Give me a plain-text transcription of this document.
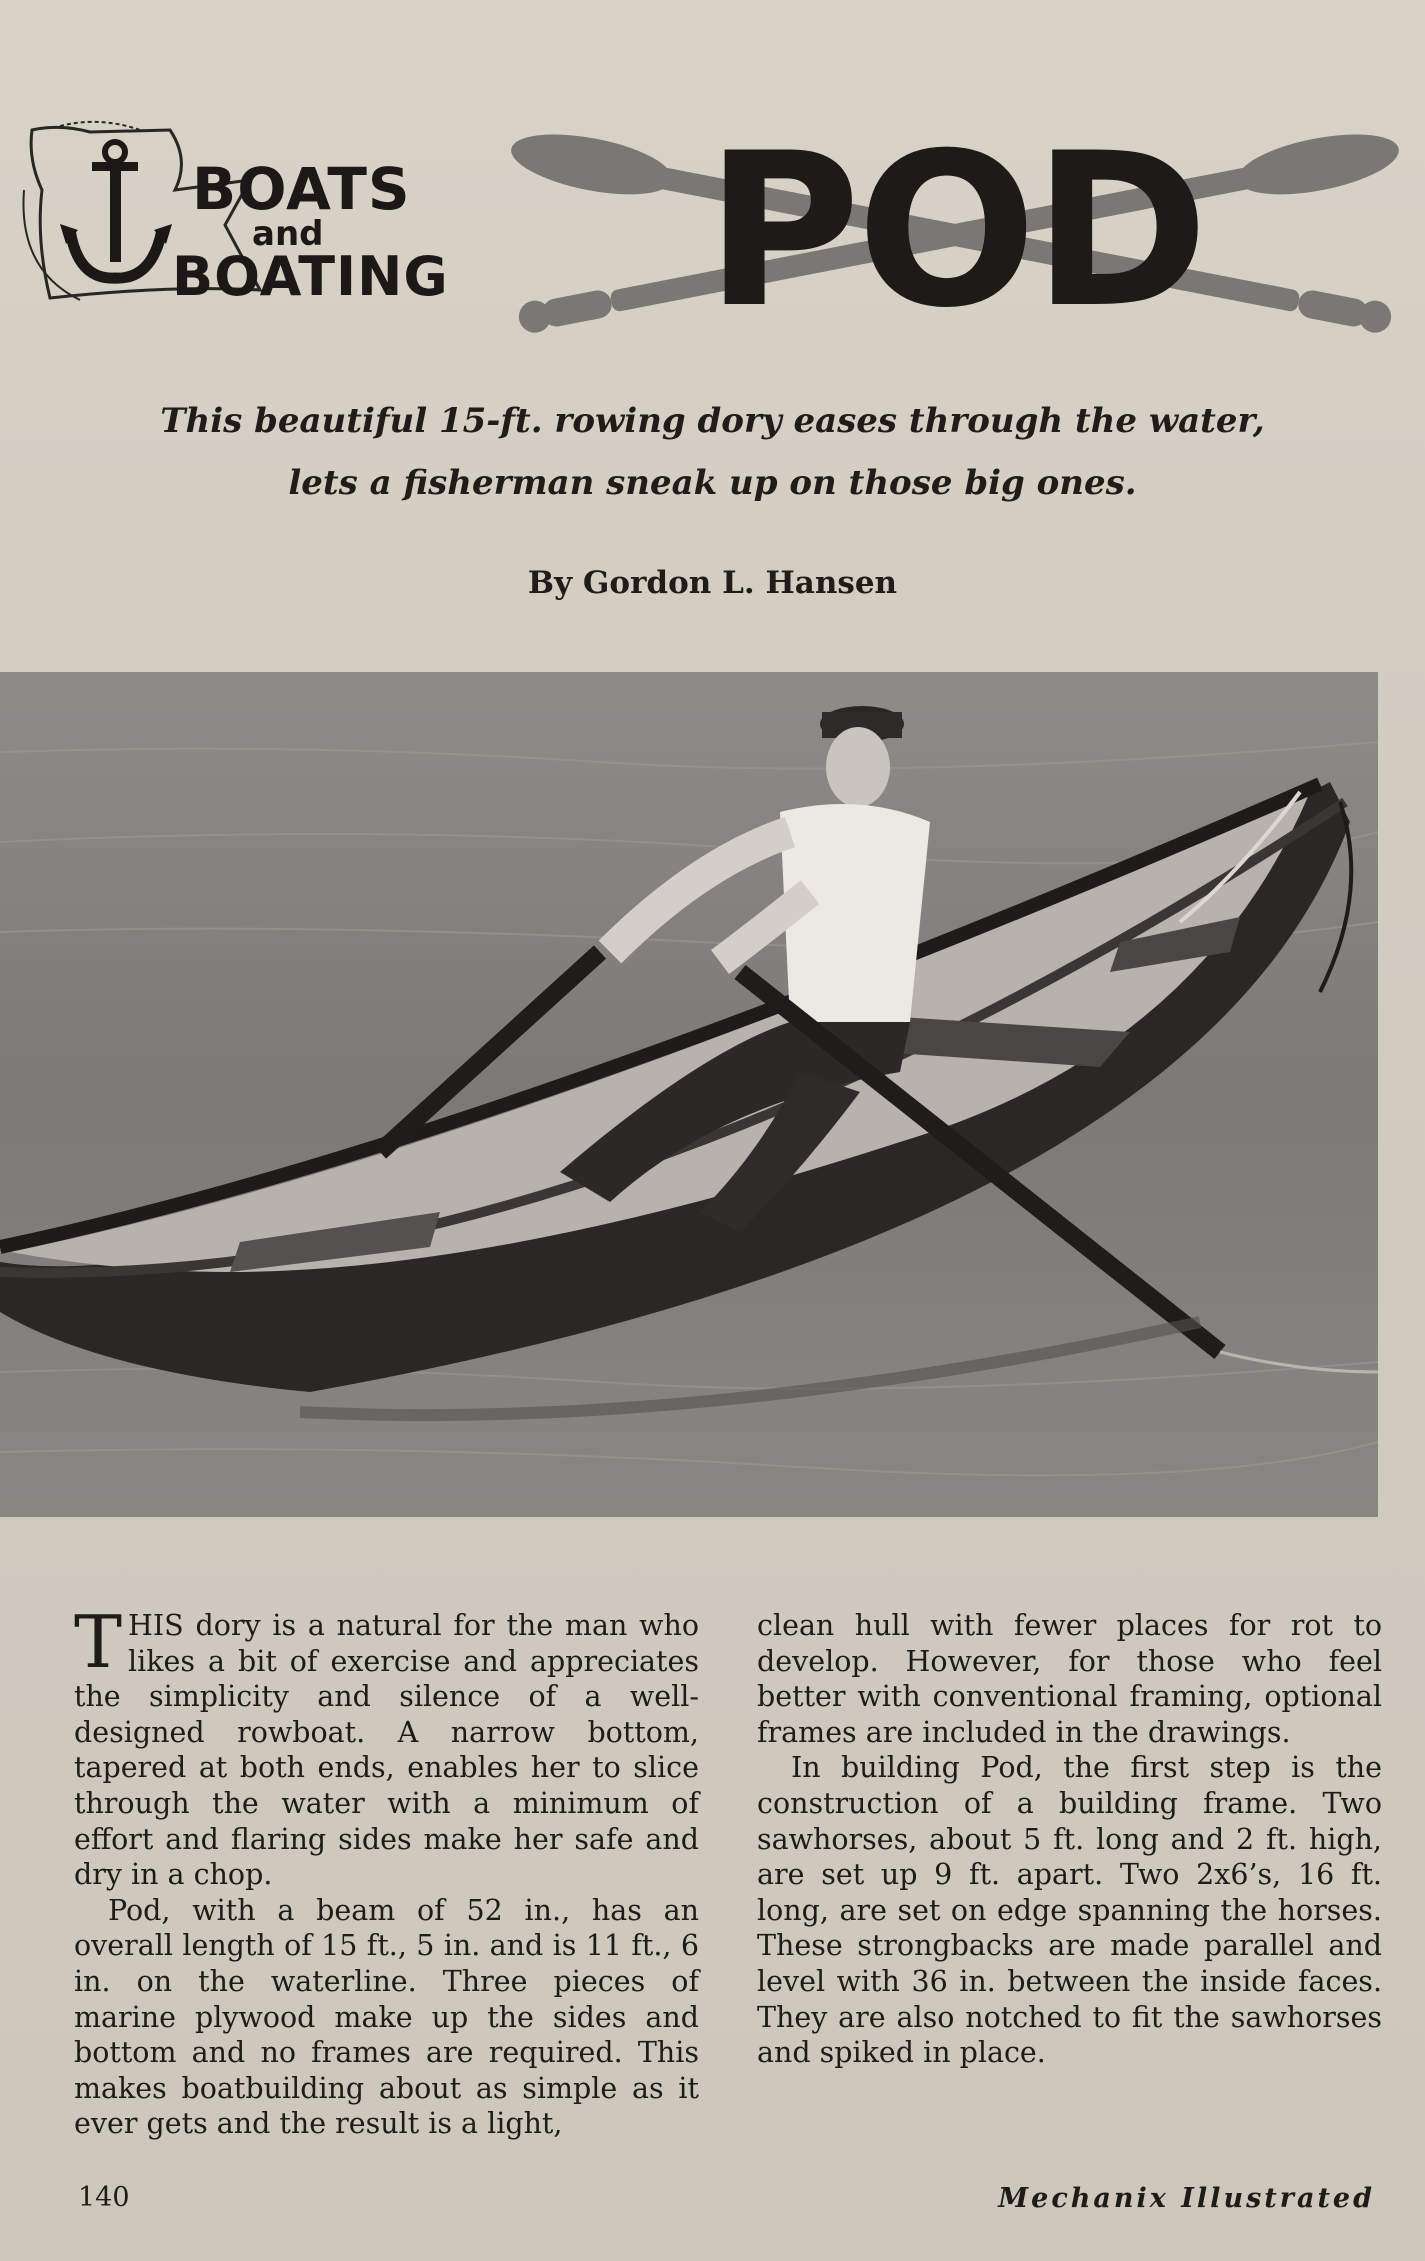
BOATS
and
BOATING	POD
This beautiful 15-ft. rowing dory eases through the water, lets a fisherman sneak up on those big ones.
By Gordon L. Hansen

THIS dory is a natural for the man who likes a bit of exercise and appreciates the simplicity and silence of a well-designed rowboat. A narrow bottom, tapered at both ends, enables her to slice through the water with a minimum of effort and flaring sides make her safe and dry in a chop.

Pod, with a beam of 52 in., has an overall length of 15 ft., 5 in. and is 11 ft., 6 in. on the waterline. Three pieces of marine plywood make up the sides and bottom and no frames are required. This makes boatbuilding about as simple as it ever gets and the result is a light,

clean hull with fewer places for rot to develop. However, for those who feel better with conventional framing, optional frames are included in the drawings.

In building Pod, the first step is the construction of a building frame. Two sawhorses, about 5 ft. long and 2 ft. high, are set up 9 ft. apart. Two 2x6’s, 16 ft. long, are set on edge spanning the horses. These strongbacks are made parallel and level with 36 in. between the inside faces. They are also notched to fit the sawhorses and spiked in place.

140	Mechanix Illustrated
